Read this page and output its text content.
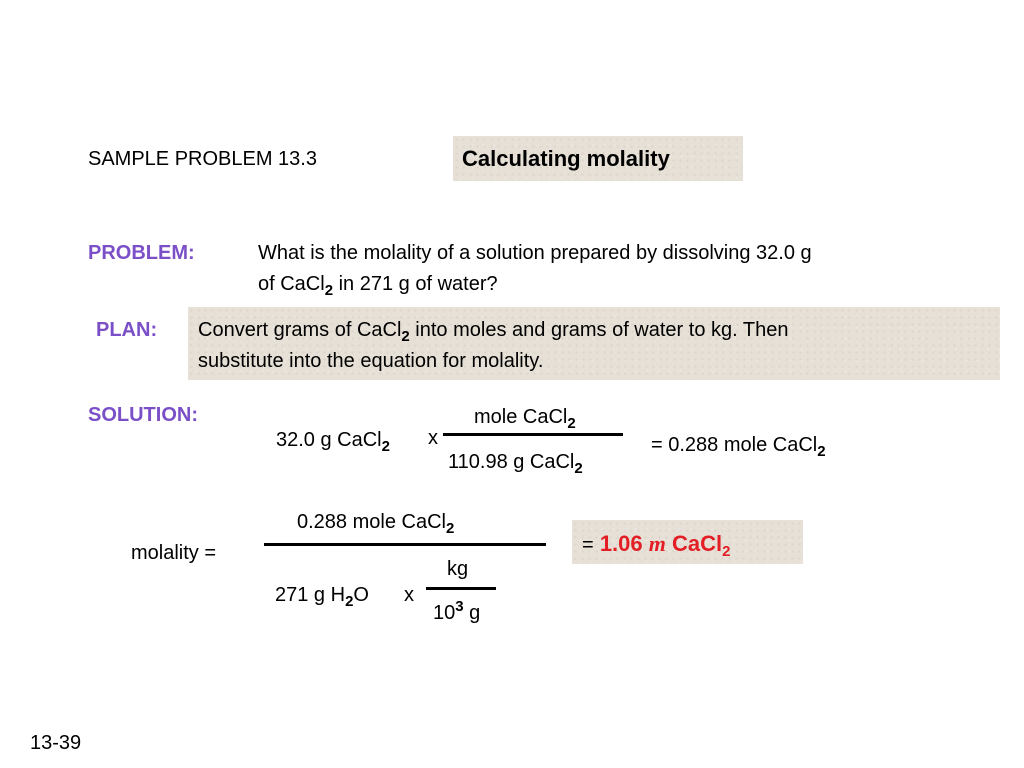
SAMPLE PROBLEM 13.3	Calculating molality
PROBLEM:	What is the molality of a solution prepared by dissolving 32.0 g
of CaCl$_2$ in 271 g of water?
PLAN: Convert grams of CaCl$_2$ into moles and grams of water to kg. Then
substitute into the equation for molality.
SOLUTION:
32.0 g CaCl$_2$ x
mole CaCl$_2$
110.98 g CaCl$_2$
= 0.288 mole CaCl$_2$
molality =
0.288 mole CaCl$_2$
271 g $H_2O$ x
kg
$10^3$ g
= 1.06 m CaCl$_2$
13-39
